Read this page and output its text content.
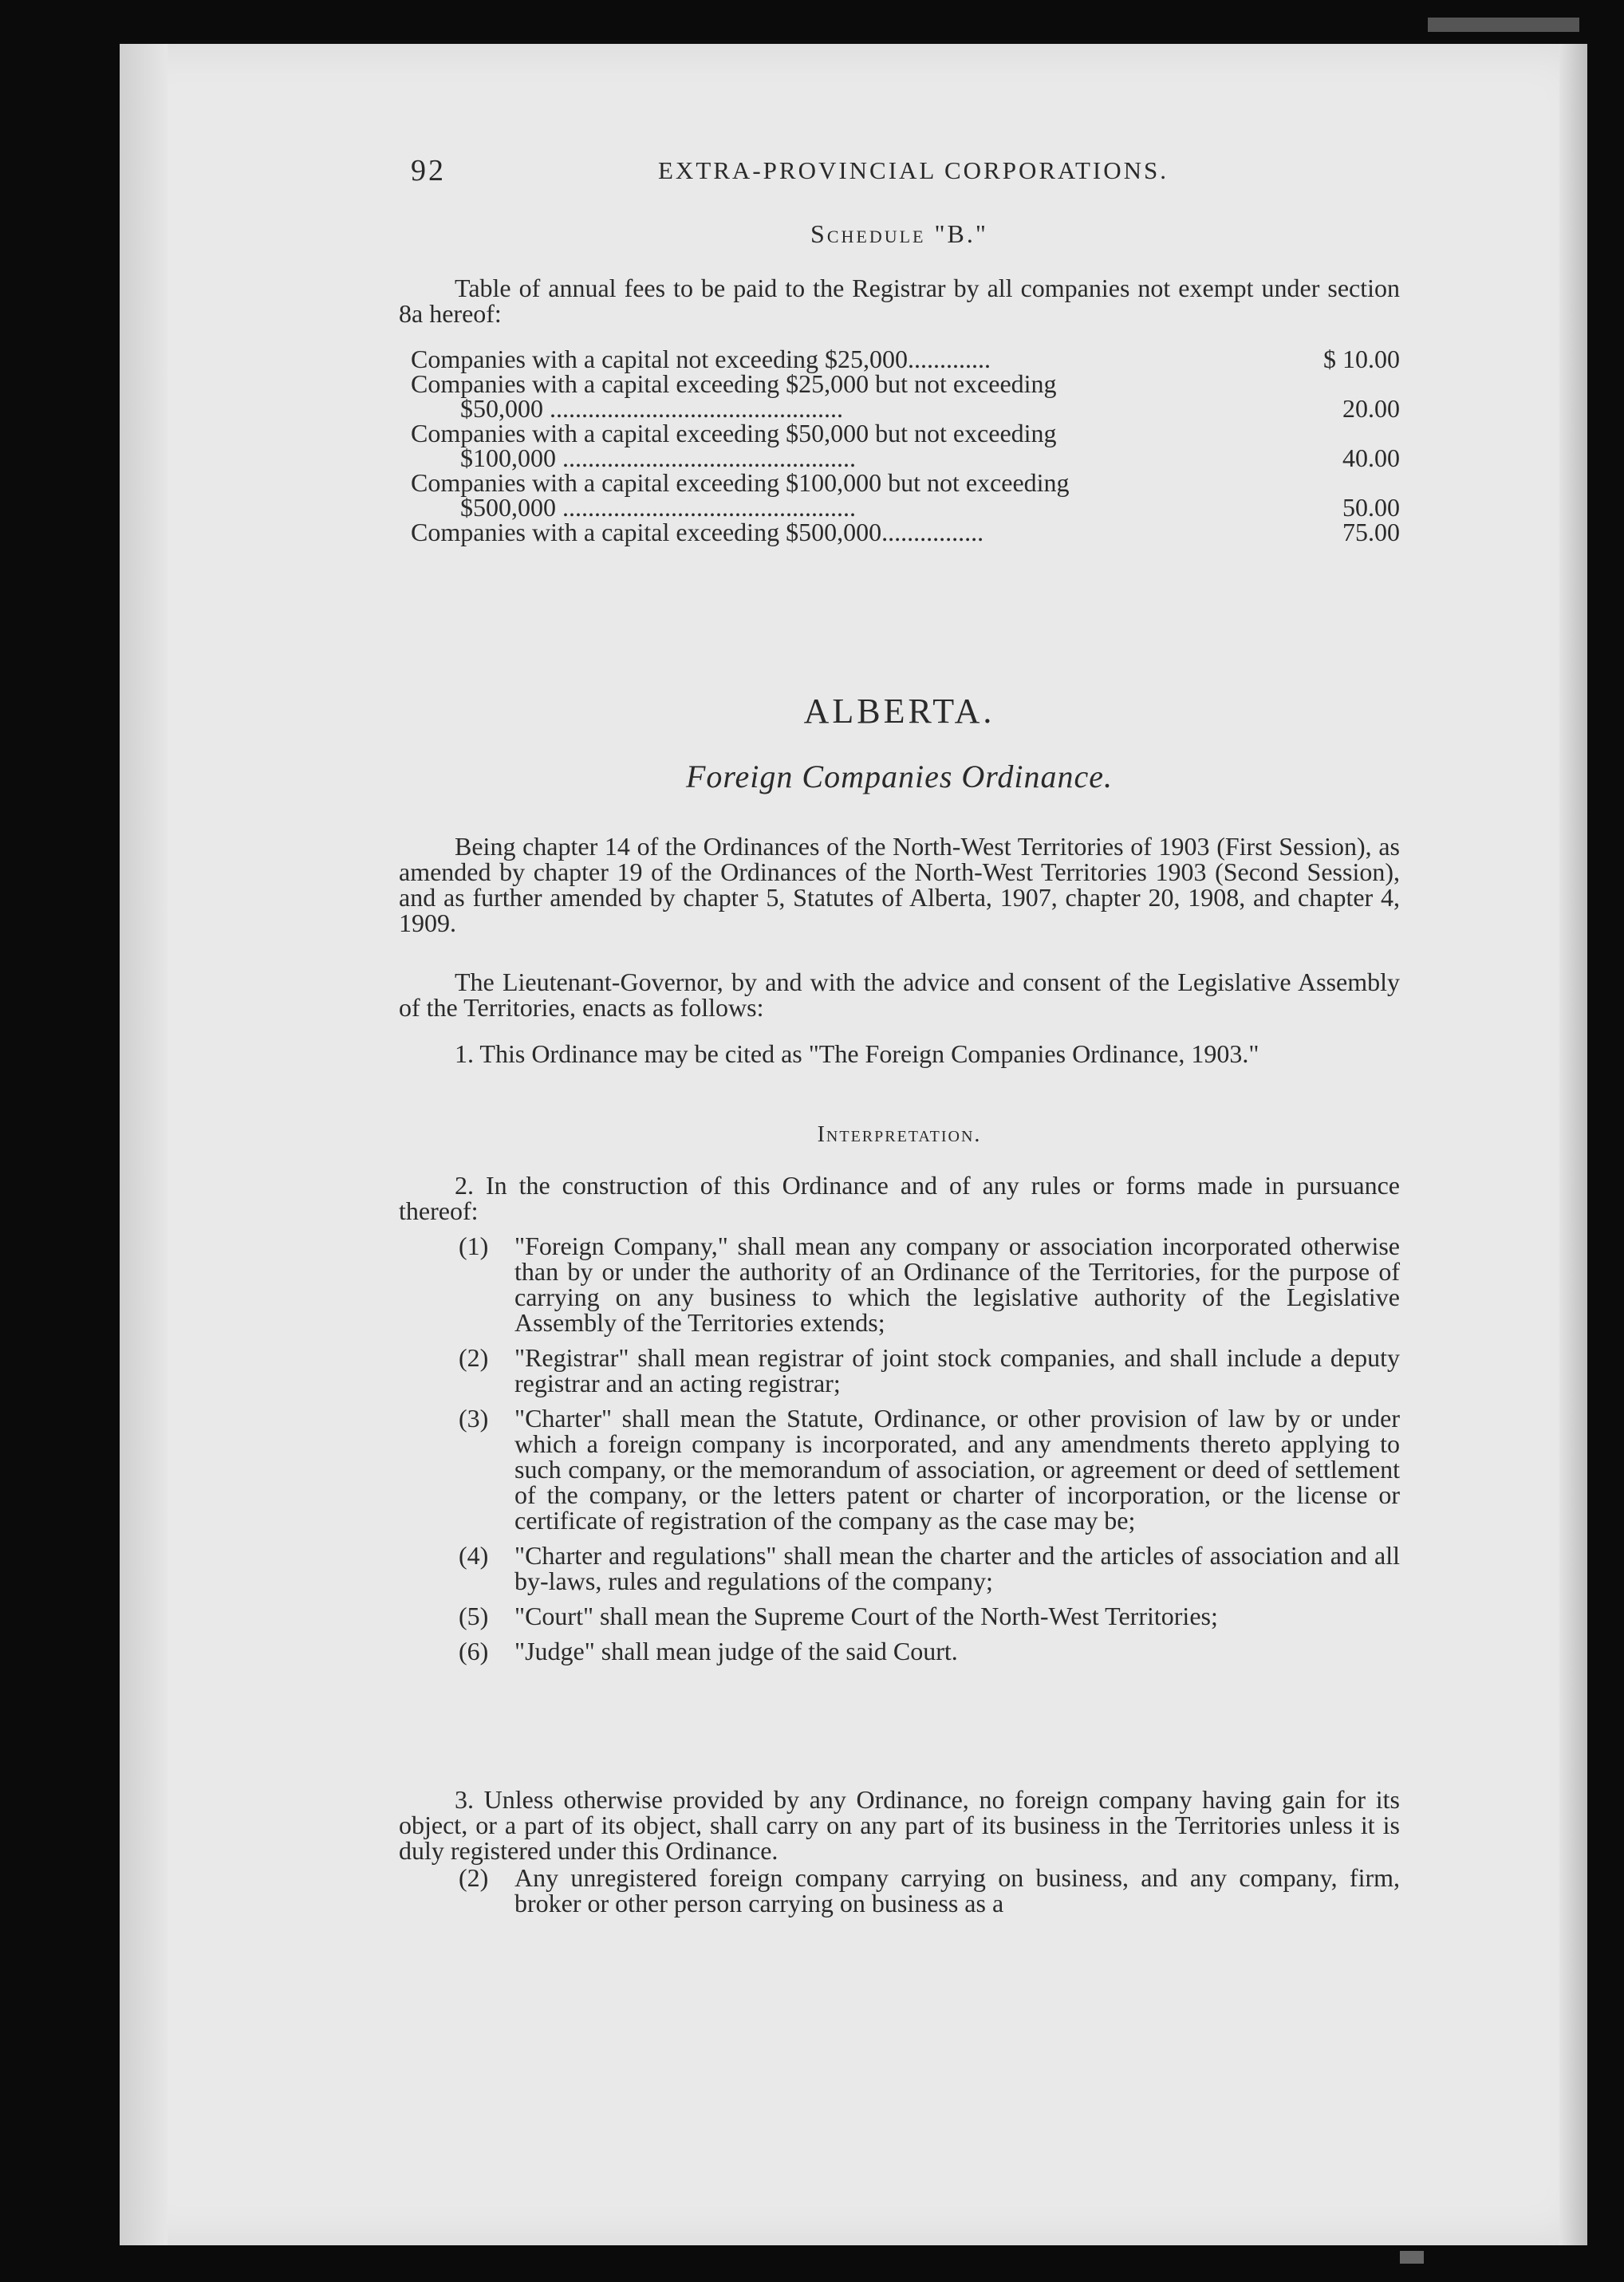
92	EXTRA-PROVINCIAL CORPORATIONS.
Schedule "B."
Table of annual fees to be paid to the Registrar by all companies not exempt under section 8a hereof:
Companies with a capital not exceeding $25,000.............	$ 10.00
Companies with a capital exceeding $25,000 but not exceeding
$50,000 ..............................................	20.00
Companies with a capital exceeding $50,000 but not exceeding
$100,000 ..............................................	40.00
Companies with a capital exceeding $100,000 but not exceeding
$500,000 ..............................................	50.00
Companies with a capital exceeding $500,000................	75.00
ALBERTA.
Foreign Companies Ordinance.
Being chapter 14 of the Ordinances of the North-West Territories of 1903 (First Session), as amended by chapter 19 of the Ordinances of the North-West Territories 1903 (Second Session), and as further amended by chapter 5, Statutes of Alberta, 1907, chapter 20, 1908, and chapter 4, 1909.
The Lieutenant-Governor, by and with the advice and consent of the Legislative Assembly of the Territories, enacts as follows:
1. This Ordinance may be cited as "The Foreign Companies Ordinance, 1903."
Interpretation.
2. In the construction of this Ordinance and of any rules or forms made in pursuance thereof:
(1) "Foreign Company," shall mean any company or association incorporated otherwise than by or under the authority of an Ordinance of the Territories, for the purpose of carrying on any business to which the legislative authority of the Legislative Assembly of the Territories extends;
(2) "Registrar" shall mean registrar of joint stock companies, and shall include a deputy registrar and an acting registrar;
(3) "Charter" shall mean the Statute, Ordinance, or other provision of law by or under which a foreign company is incorporated, and any amendments thereto applying to such company, or the memorandum of association, or agreement or deed of settlement of the company, or the letters patent or charter of incorporation, or the license or certificate of registration of the company as the case may be;
(4) "Charter and regulations" shall mean the charter and the articles of association and all by-laws, rules and regulations of the company;
(5) "Court" shall mean the Supreme Court of the North-West Territories;
(6) "Judge" shall mean judge of the said Court.
3. Unless otherwise provided by any Ordinance, no foreign company having gain for its object, or a part of its object, shall carry on any part of its business in the Territories unless it is duly registered under this Ordinance.
(2) Any unregistered foreign company carrying on business, and any company, firm, broker or other person carrying on business as a
